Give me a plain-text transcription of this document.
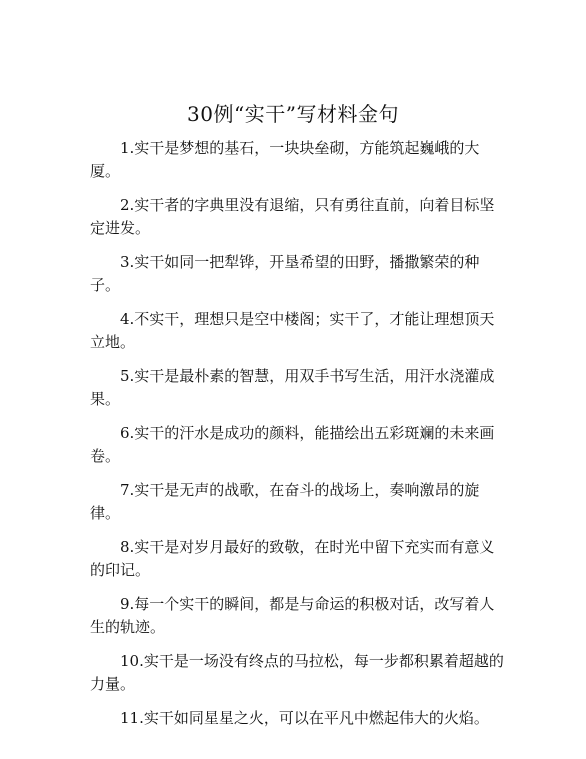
30例“实干”写材料金句

1.实干是梦想的基石，一块块垒砌，方能筑起巍峨的大厦。

2.实干者的字典里没有退缩，只有勇往直前，向着目标坚定进发。

3.实干如同一把犁铧，开垦希望的田野，播撒繁荣的种子。

4.不实干，理想只是空中楼阁；实干了，才能让理想顶天立地。

5.实干是最朴素的智慧，用双手书写生活，用汗水浇灌成果。

6.实干的汗水是成功的颜料，能描绘出五彩斑斓的未来画卷。

7.实干是无声的战歌，在奋斗的战场上，奏响激昂的旋律。

8.实干是对岁月最好的致敬，在时光中留下充实而有意义的印记。

9.每一个实干的瞬间，都是与命运的积极对话，改写着人生的轨迹。

10.实干是一场没有终点的马拉松，每一步都积累着超越的力量。

11.实干如同星星之火，可以在平凡中燃起伟大的火焰。
